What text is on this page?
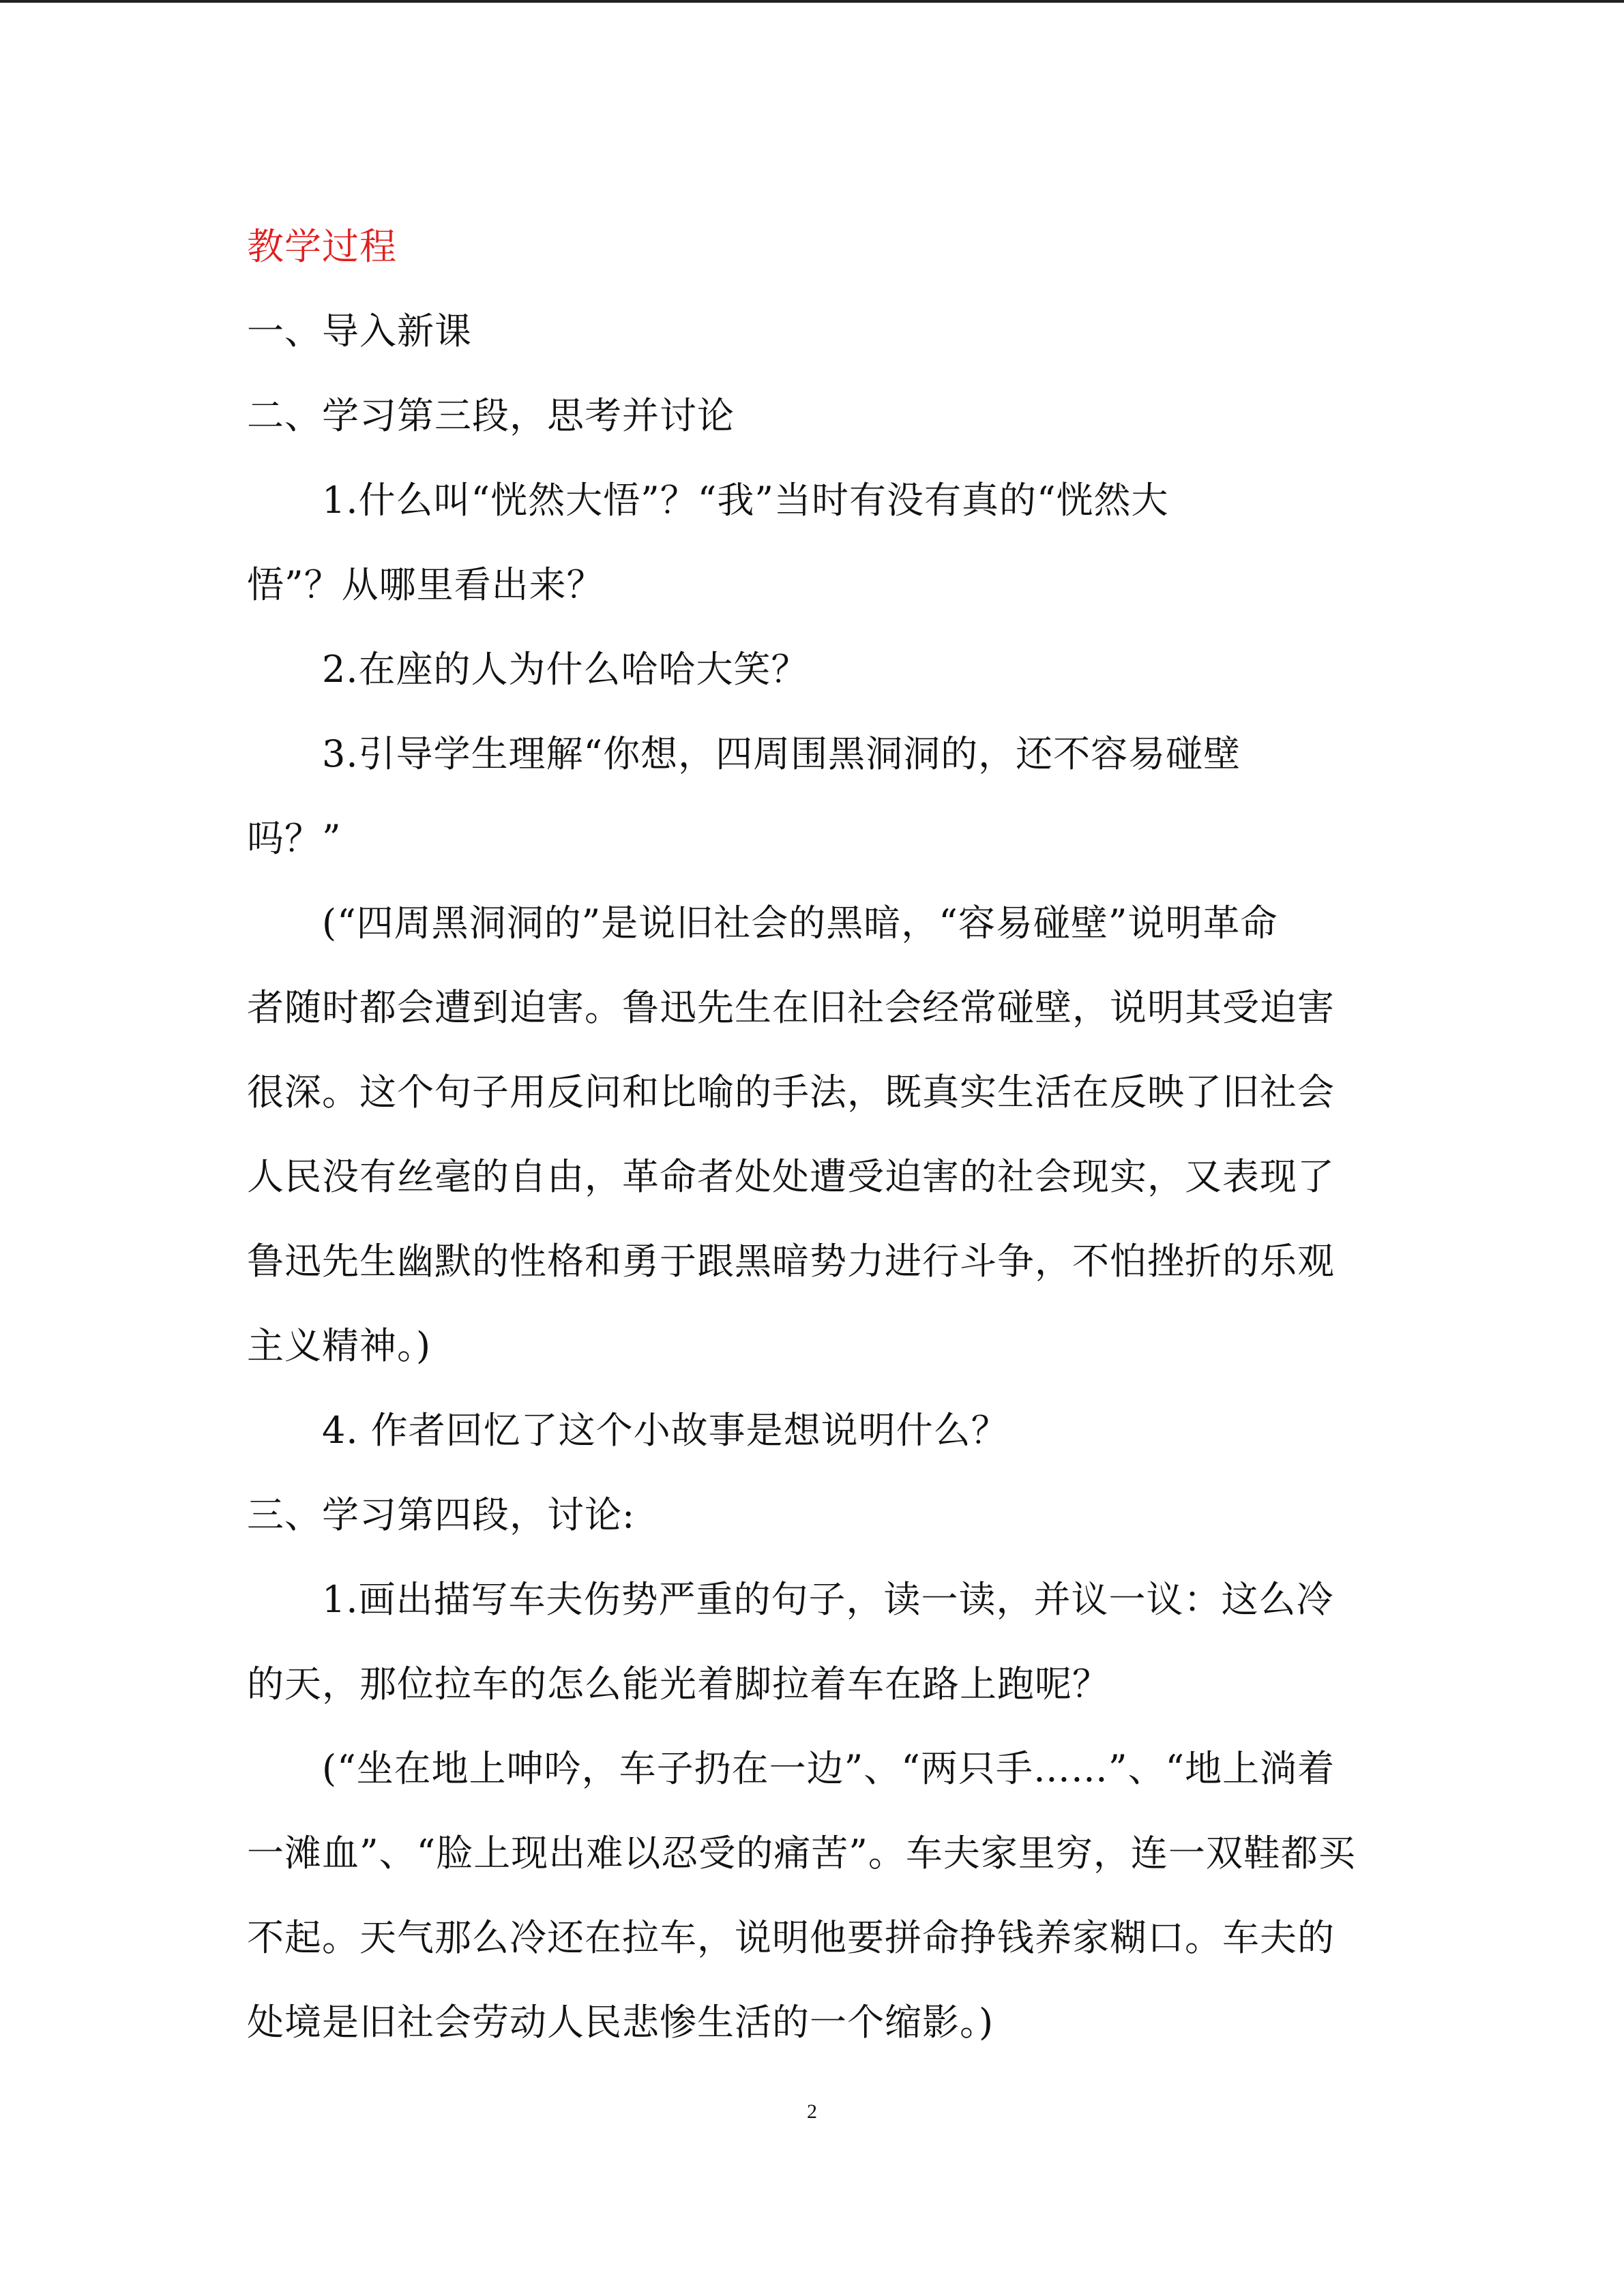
教学过程
一、导入新课
二、学习第三段，思考并讨论
1.什么叫“恍然大悟”？“我”当时有没有真的“恍然大
悟”？从哪里看出来？
2.在座的人为什么哈哈大笑？
3.引导学生理解“你想，四周围黑洞洞的，还不容易碰壁
吗？”
(“四周黑洞洞的”是说旧社会的黑暗，“容易碰壁”说明革命
者随时都会遭到迫害。鲁迅先生在旧社会经常碰壁，说明其受迫害
很深。这个句子用反问和比喻的手法，既真实生活在反映了旧社会
人民没有丝毫的自由，革命者处处遭受迫害的社会现实，又表现了
鲁迅先生幽默的性格和勇于跟黑暗势力进行斗争，不怕挫折的乐观
主义精神。)
4. 作者回忆了这个小故事是想说明什么？
三、学习第四段，讨论:
1.画出描写车夫伤势严重的句子，读一读，并议一议：这么冷
的天，那位拉车的怎么能光着脚拉着车在路上跑呢？
(“坐在地上呻吟，车子扔在一边”、“两只手……”、“地上淌着
一滩血”、“脸上现出难以忍受的痛苦”。车夫家里穷，连一双鞋都买
不起。天气那么冷还在拉车，说明他要拼命挣钱养家糊口。车夫的
处境是旧社会劳动人民悲惨生活的一个缩影。)
2
